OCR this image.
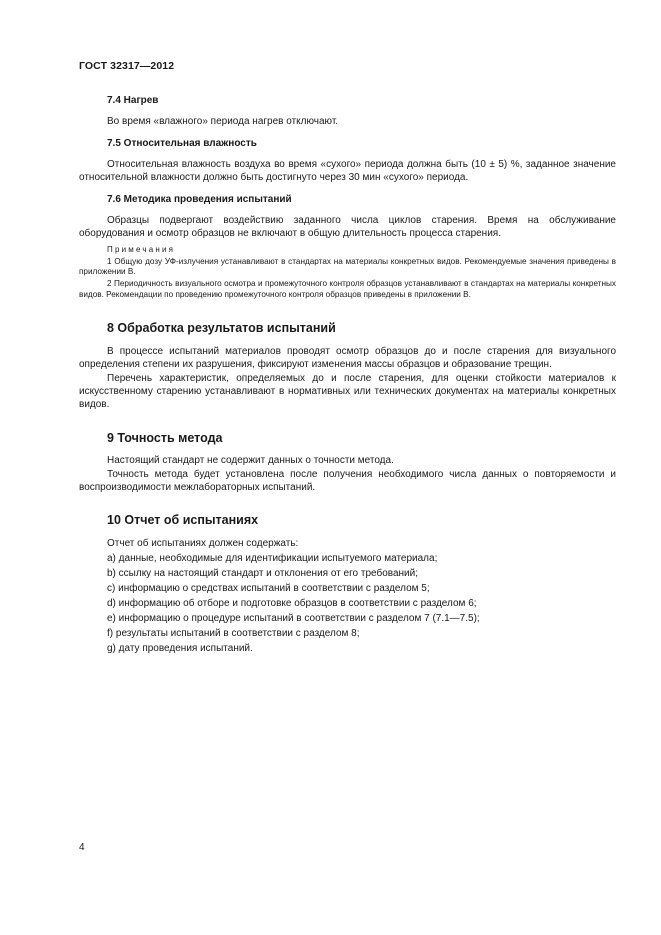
ГОСТ 32317—2012

7.4 Нагрев

Во время «влажного» периода нагрев отключают.

7.5 Относительная влажность

Относительная влажность воздуха во время «сухого» периода должна быть (10 ± 5) %, заданное значение относительной влажности должно быть достигнуто через 30 мин «сухого» периода.

7.6 Методика проведения испытаний

Образцы подвергают воздействию заданного числа циклов старения. Время на обслуживание оборудования и осмотр образцов не включают в общую длительность процесса старения.

Примечания

1 Общую дозу УФ-излучения устанавливают в стандартах на материалы конкретных видов. Рекомендуемые значения приведены в приложении В.

2 Периодичность визуального осмотра и промежуточного контроля образцов устанавливают в стандартах на материалы конкретных видов. Рекомендации по проведению промежуточного контроля образцов приведены в приложении В.

8 Обработка результатов испытаний

В процессе испытаний материалов проводят осмотр образцов до и после старения для визуального определения степени их разрушения, фиксируют изменения массы образцов и образование трещин.

Перечень характеристик, определяемых до и после старения, для оценки стойкости материалов к искусственному старению устанавливают в нормативных или технических документах на материалы конкретных видов.

9 Точность метода

Настоящий стандарт не содержит данных о точности метода.

Точность метода будет установлена после получения необходимого числа данных о повторяемости и воспроизводимости межлабораторных испытаний.

10 Отчет об испытаниях

Отчет об испытаниях должен содержать:

a) данные, необходимые для идентификации испытуемого материала;

b) ссылку на настоящий стандарт и отклонения от его требований;

c) информацию о средствах испытаний в соответствии с разделом 5;

d) информацию об отборе и подготовке образцов в соответствии с разделом 6;

e) информацию о процедуре испытаний в соответствии с разделом 7 (7.1—7.5);

f) результаты испытаний в соответствии с разделом 8;

g) дату проведения испытаний.

4
